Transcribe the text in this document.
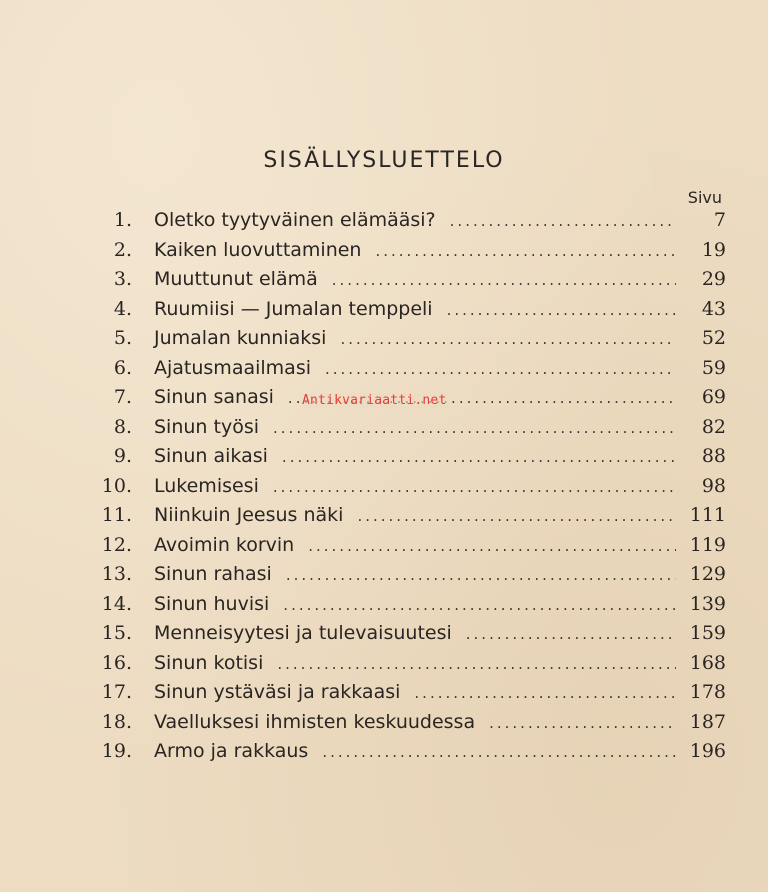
SISÄLLYSLUETTELO
Sivu
1. Oletko tyytyväinen elämääsi? .....	7
2. Kaiken luovuttaminen .....	19
3. Muuttunut elämä .....	29
4. Ruumiisi — Jumalan temppeli .....	43
5. Jumalan kunniaksi .....	52
6. Ajatusmaailmasi .....	59
7. Sinun sanasi .....	69
8. Sinun työsi .....	82
9. Sinun aikasi .....	88
10. Lukemisesi .....	98
11. Niinkuin Jeesus näki .....	111
12. Avoimin korvin .....	119
13. Sinun rahasi .....	129
14. Sinun huvisi .....	139
15. Menneisyytesi ja tulevaisuutesi .....	159
16. Sinun kotisi .....	168
17. Sinun ystäväsi ja rakkaasi .....	178
18. Vaelluksesi ihmisten keskuudessa .....	187
19. Armo ja rakkaus .....	196
Antikvariaatti.net
